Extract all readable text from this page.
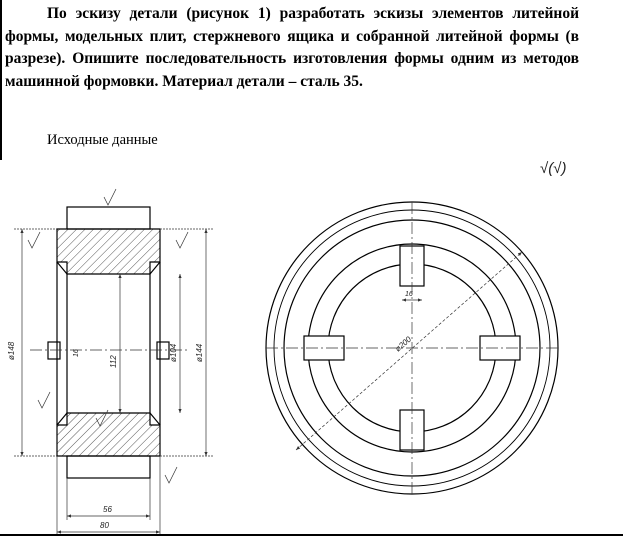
По эскизу детали (рисунок 1) разработать эскизы элементов литейной формы, модельных плит, стержневого ящика и собранной литейной формы (в разрезе). Опишите последовательность изготовления формы одним из методов машинной формовки. Материал детали – сталь 35.

Исходные данные

√(√)
ø148
112	ø104 ø144
16
56
80
16
ø200
